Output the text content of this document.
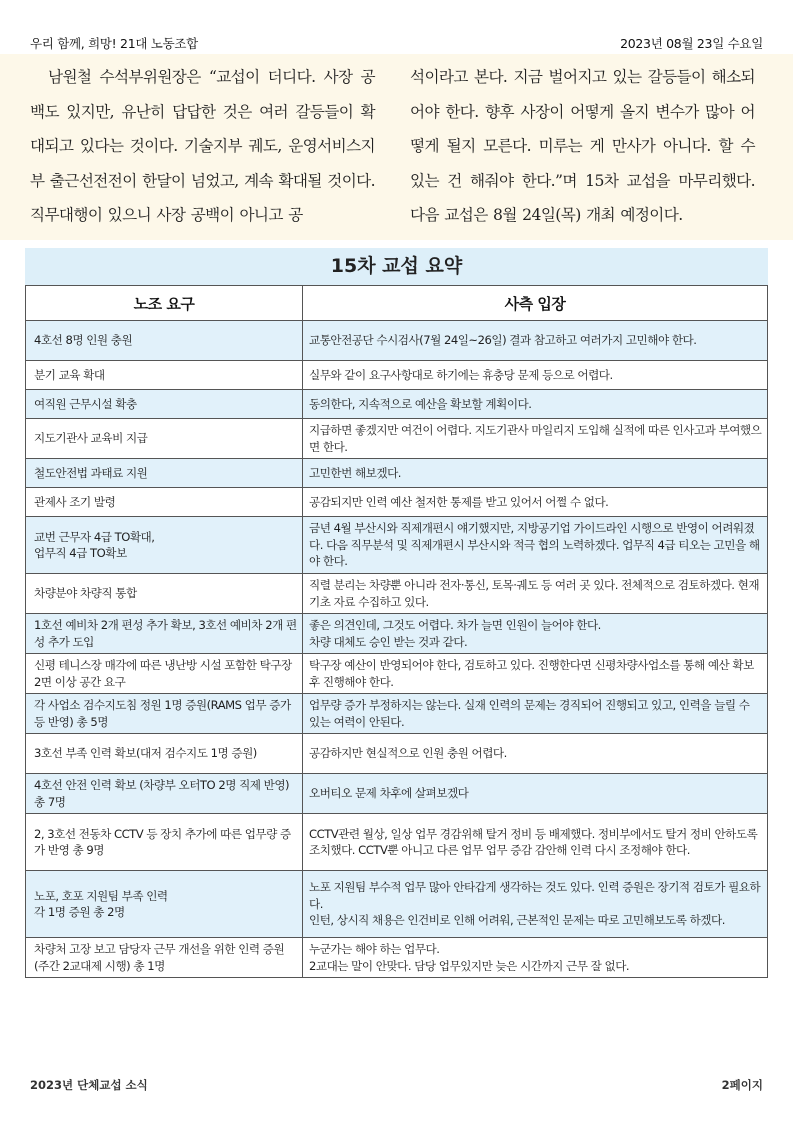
우리 함께, 희망! 21대 노동조합	2023년 08월 23일 수요일
남원철 수석부위원장은 “교섭이 더디다. 사장 공백도 있지만, 유난히 답답한 것은 여러 갈등들이 확대되고 있다는 것이다. 기술지부 궤도, 운영서비스지부 출근선전전이 한달이 넘었고, 계속 확대될 것이다. 직무대행이 있으니 사장 공백이 아니고 공
석이라고 본다. 지금 벌어지고 있는 갈등들이 해소되어야 한다. 향후 사장이 어떻게 올지 변수가 많아 어떻게 될지 모른다. 미루는 게 만사가 아니다. 할 수 있는 건 해줘야 한다.”며 15차 교섭을 마무리했다. 다음 교섭은 8월 24일(목) 개최 예정이다.
15차 교섭 요약
노조 요구	사측 입장
4호선 8명 인원 충원	교통안전공단 수시검사(7월 24일~26일) 결과 참고하고 여러가지 고민해야 한다.
분기 교육 확대	실무와 같이 요구사항대로 하기에는 휴충당 문제 등으로 어렵다.
여직원 근무시설 확충	동의한다, 지속적으로 예산을 확보할 계획이다.
지도기관사 교육비 지급	지급하면 좋겠지만 여건이 어렵다. 지도기관사 마일리지 도입해 실적에 따른 인사고과 부여했으면 한다.
철도안전법 과태료 지원	고민한번 해보겠다.
관제사 조기 발령	공감되지만 인력 예산 철저한 통제를 받고 있어서 어쩔 수 없다.
교번 근무자 4급 TO확대,
업무직 4급 TO확보	금년 4월 부산시와 직제개편시 얘기했지만, 지방공기업 가이드라인 시행으로 반영이 어려워졌다. 다음 직무분석 및 직제개편시 부산시와 적극 협의 노력하겠다. 업무직 4급 티오는 고민을 해야 한다.
차량분야 차량직 통합	직렬 분리는 차량뿐 아니라 전자·통신, 토목·궤도 등 여러 곳 있다. 전체적으로 검토하겠다. 현재 기초 자료 수집하고 있다.
1호선 예비차 2개 편성 추가 확보, 3호선 예비차 2개 편성 추가 도입	좋은 의견인데, 그것도 어렵다. 차가 늘면 인원이 늘어야 한다.
차량 대체도 승인 받는 것과 같다.
신평 테니스장 매각에 따른 냉난방 시설 포함한 탁구장 2면 이상 공간 요구	탁구장 예산이 반영되어야 한다, 검토하고 있다. 진행한다면 신평차량사업소를 통해 예산 확보 후 진행해야 한다.
각 사업소 검수지도침 정원 1명 증원(RAMS 업무 증가 등 반영) 총 5명	업무량 증가 부정하지는 않는다. 실재 인력의 문제는 경직되어 진행되고 있고, 인력을 늘릴 수 있는 여력이 안된다.
3호선 부족 인력 확보(대저 검수지도 1명 증원)	공감하지만 현실적으로 인원 충원 어렵다.
4호선 안전 인력 확보 (차량부 오터TO 2명 직제 반영) 총 7명	오버티오 문제 차후에 살펴보겠다
2, 3호선 전동차 CCTV 등 장치 추가에 따른 업무량 증가 반영 총 9명	CCTV관련 월상, 일상 업무 경감위해 탈거 정비 등 배제했다. 정비부에서도 탈거 정비 안하도록 조치했다. CCTV뿐 아니고 다른 업무 업무 증감 감안해 인력 다시 조정해야 한다.
노포, 호포 지원팀 부족 인력
각 1명 증원 총 2명	노포 지원팀 부수적 업무 많아 안타갑게 생각하는 것도 있다. 인력 증원은 장기적 검토가 필요하다.
인턴, 상시직 채용은 인건비로 인해 어려워, 근본적인 문제는 따로 고민해보도록 하겠다.
차량처 고장 보고 담당자 근무 개선을 위한 인력 증원(주간 2교대제 시행) 총 1명	누군가는 해야 하는 업무다.
2교대는 말이 안맞다. 담당 업무있지만 늦은 시간까지 근무 잘 없다.
2023년 단체교섭 소식	2페이지
